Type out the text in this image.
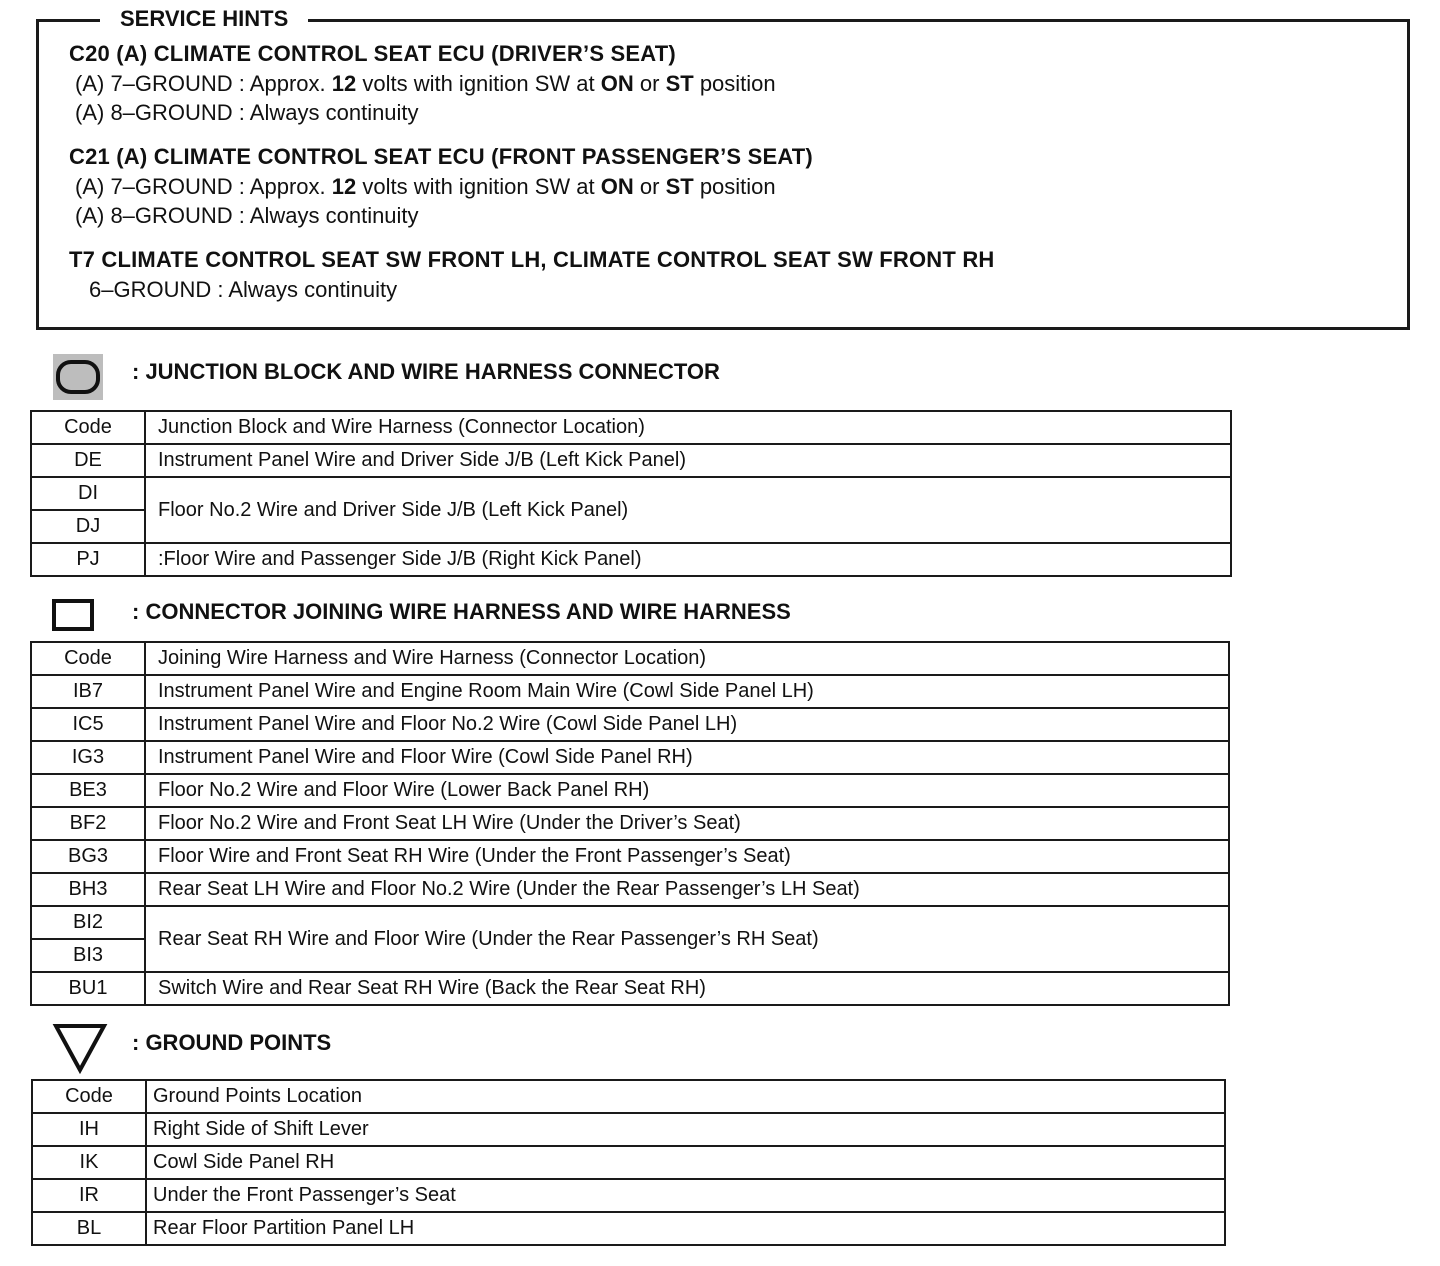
C20 (A) CLIMATE CONTROL SEAT ECU (DRIVER’S SEAT)
(A) 7–GROUND : Approx. 12 volts with ignition SW at ON or ST position
(A) 8–GROUND : Always continuity
C21 (A) CLIMATE CONTROL SEAT ECU (FRONT PASSENGER’S SEAT)
(A) 7–GROUND : Approx. 12 volts with ignition SW at ON or ST position
(A) 8–GROUND : Always continuity
T7 CLIMATE CONTROL SEAT SW FRONT LH, CLIMATE CONTROL SEAT SW FRONT RH
6–GROUND : Always continuity
SERVICE HINTS
: JUNCTION BLOCK AND WIRE HARNESS CONNECTOR
Code	Junction Block and Wire Harness (Connector Location)
DE	Instrument Panel Wire and Driver Side J/B (Left Kick Panel)
DI	Floor No.2 Wire and Driver Side J/B (Left Kick Panel)
DJ	
PJ	:Floor Wire and Passenger Side J/B (Right Kick Panel)
: CONNECTOR JOINING WIRE HARNESS AND WIRE HARNESS
Code	Joining Wire Harness and Wire Harness (Connector Location)
IB7	Instrument Panel Wire and Engine Room Main Wire (Cowl Side Panel LH)
IC5	Instrument Panel Wire and Floor No.2 Wire (Cowl Side Panel LH)
IG3	Instrument Panel Wire and Floor Wire (Cowl Side Panel RH)
BE3	Floor No.2 Wire and Floor Wire (Lower Back Panel RH)
BF2	Floor No.2 Wire and Front Seat LH Wire (Under the Driver’s Seat)
BG3	Floor Wire and Front Seat RH Wire (Under the Front Passenger’s Seat)
BH3	Rear Seat LH Wire and Floor No.2 Wire (Under the Rear Passenger’s LH Seat)
BI2	Rear Seat RH Wire and Floor Wire (Under the Rear Passenger’s RH Seat)
BI3	
BU1	Switch Wire and Rear Seat RH Wire (Back the Rear Seat RH)
: GROUND POINTS
Code	Ground Points Location
IH	Right Side of Shift Lever
IK	Cowl Side Panel RH
IR	Under the Front Passenger’s Seat
BL	Rear Floor Partition Panel LH
